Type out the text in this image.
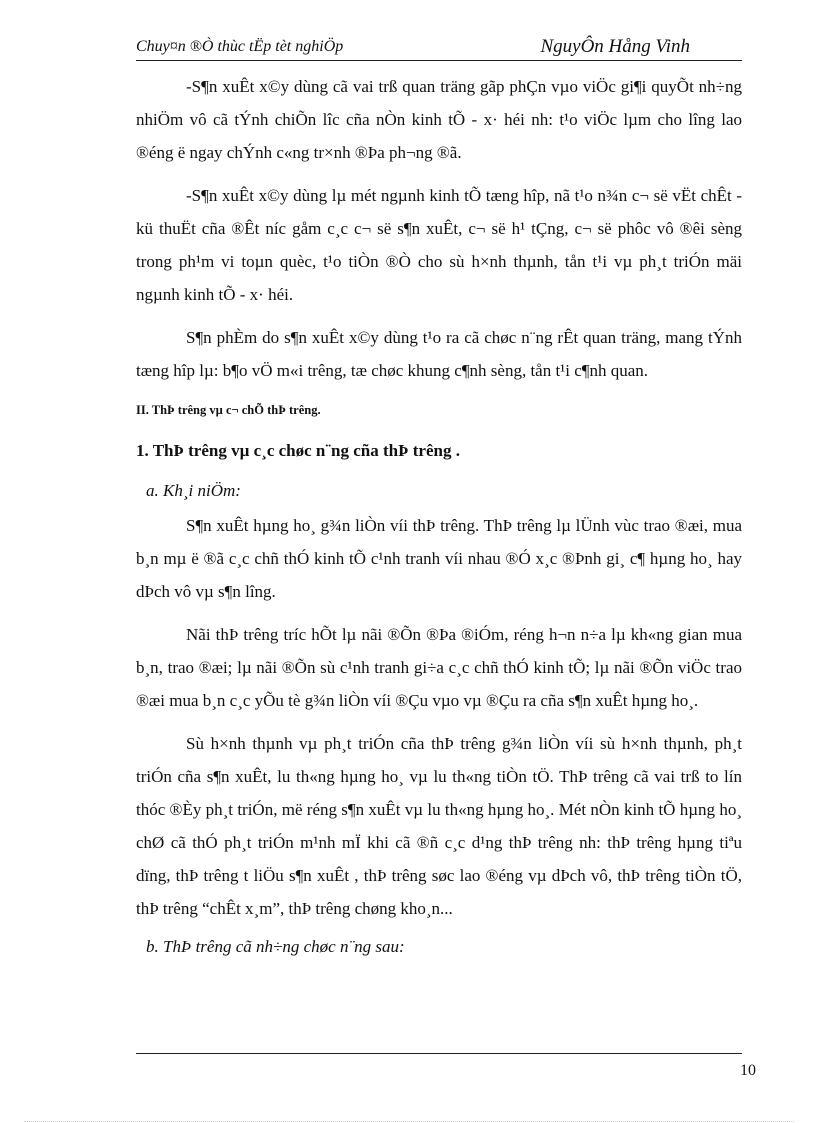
Chuy¤n ®Ò thùc tËp tèt nghiÖp	NguyÔn Hång Vinh

-S¶n xuÊt x©y dùng cã vai trß quan träng gãp phÇn vµo viÖc gi¶i quyÕt nh÷ng nhiÖm vô cã tÝnh chiÕn lîc cña nÒn kinh tÕ - x· héi nh: t¹o viÖc lµm cho lîng lao ®éng ë ngay chÝnh c«ng tr×nh ®Þa ph¬ng ®ã.

-S¶n xuÊt x©y dùng lµ mét ngµnh kinh tÕ tæng hîp, nã t¹o n¾n c¬ së vËt chÊt - kü thuËt cña ®Êt níc gåm c¸c c¬ së s¶n xuÊt, c¬ së h¹ tÇng, c¬ së phôc vô ®êi sèng trong ph¹m vi toµn quèc, t¹o tiÒn ®Ò cho sù h×nh thµnh, tån t¹i vµ ph¸t triÓn mäi ngµnh kinh tÕ - x· héi.

S¶n phÈm do s¶n xuÊt x©y dùng t¹o ra cã chøc n¨ng rÊt quan träng, mang tÝnh tæng hîp lµ: b¶o vÖ m«i trêng, tæ chøc khung c¶nh sèng, tån t¹i c¶nh quan.

II. ThÞ trêng vµ c¬ chÕ thÞ trêng.
1. ThÞ trêng vµ c¸c chøc n¨ng cña thÞ trêng .
a. Kh¸i niÖm:

S¶n xuÊt hµng ho¸ g¾n liÒn víi thÞ trêng. ThÞ trêng lµ lÜnh vùc trao ®æi, mua b¸n mµ ë ®ã c¸c chñ thÓ kinh tÕ c¹nh tranh víi nhau ®Ó x¸c ®Þnh gi¸ c¶ hµng ho¸ hay dÞch vô vµ s¶n lîng.

Nãi thÞ trêng tríc hÕt lµ nãi ®Õn ®Þa ®iÓm, réng h¬n n÷a lµ kh«ng gian mua b¸n, trao ®æi; lµ nãi ®Õn sù c¹nh tranh gi÷a c¸c chñ thÓ kinh tÕ; lµ nãi ®Õn viÖc trao ®æi mua b¸n c¸c yÕu tè g¾n liÒn víi ®Çu vµo vµ ®Çu ra cña s¶n xuÊt hµng ho¸.

Sù h×nh thµnh vµ ph¸t triÓn cña thÞ trêng g¾n liÒn víi sù h×nh thµnh, ph¸t triÓn cña s¶n xuÊt, lu th«ng hµng ho¸ vµ lu th«ng tiÒn tÖ. ThÞ trêng cã vai trß to lín thóc ®Èy ph¸t triÓn, më réng s¶n xuÊt vµ lu th«ng hµng ho¸. Mét nÒn kinh tÕ hµng ho¸ chØ cã thÓ ph¸t triÓn m¹nh mÏ khi cã ®ñ c¸c d¹ng thÞ trêng nh: thÞ trêng hµng tiªu dïng, thÞ trêng t liÖu s¶n xuÊt , thÞ trêng søc lao ®éng vµ dÞch vô, thÞ trêng tiÒn tÖ, thÞ trêng “chÊt x¸m”, thÞ trêng chøng kho¸n...

b. ThÞ trêng cã nh÷ng chøc n¨ng sau:
10
